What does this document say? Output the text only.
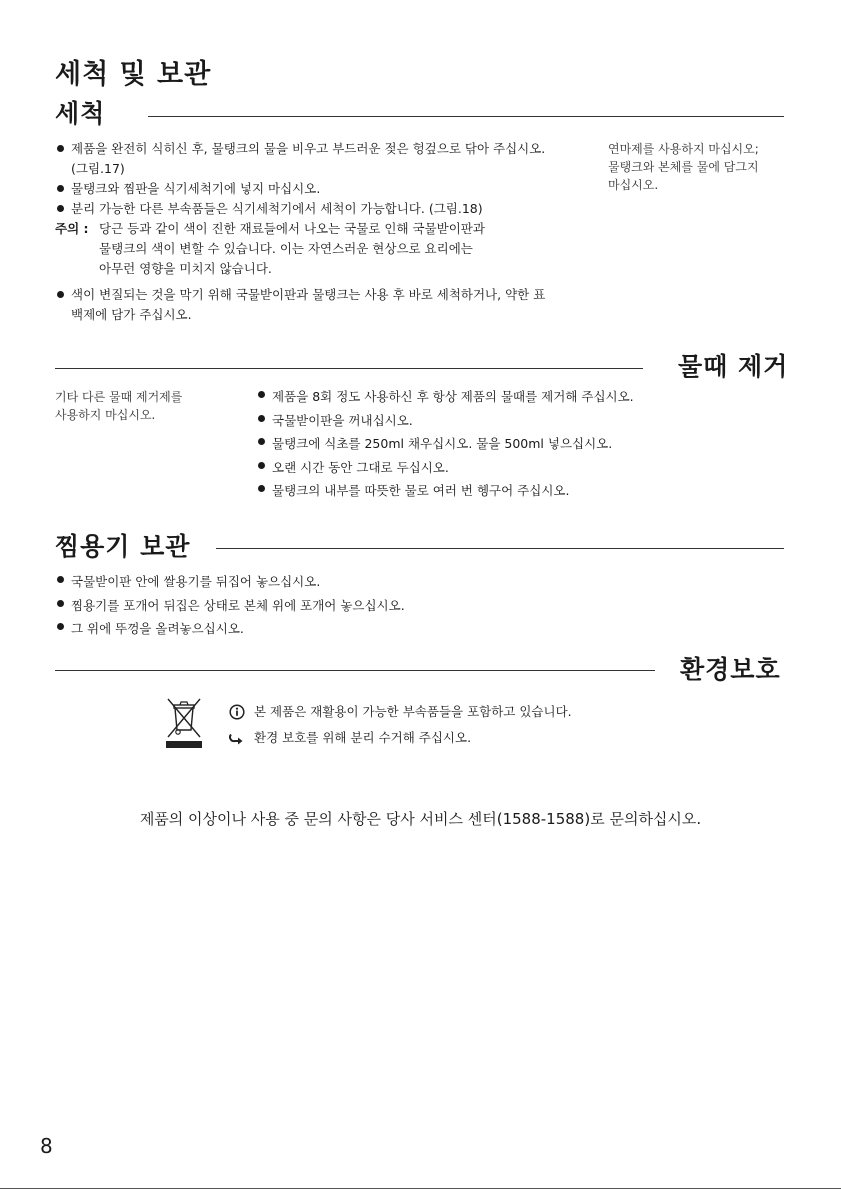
세척 및 보관
세척
제품을 완전히 식히신 후, 물탱크의 물을 비우고 부드러운 젖은 헝겊으로 닦아 주십시오. (그림.17)
물탱크와 찜판을 식기세척기에 넣지 마십시오.
분리 가능한 다른 부속품들은 식기세척기에서 세척이 가능합니다. (그림.18)
주의 : 당근 등과 같이 색이 진한 재료들에서 나오는 국물로 인해 국물받이판과
물탱크의 색이 변할 수 있습니다. 이는 자연스러운 현상으로 요리에는
아무런 영향을 미치지 않습니다.
색이 변질되는 것을 막기 위해 국물받이판과 물탱크는 사용 후 바로 세척하거나, 약한 표백제에 담가 주십시오.
연마제를 사용하지 마십시오;
물탱크와 본체를 물에 담그지
마십시오.
물때 제거
기타 다른 물때 제거제를
사용하지 마십시오.
제품을 8회 정도 사용하신 후 항상 제품의 물때를 제거해 주십시오.
국물받이판을 꺼내십시오.
물탱크에 식초를 250ml 채우십시오. 물을 500ml 넣으십시오.
오랜 시간 동안 그대로 두십시오.
물탱크의 내부를 따뜻한 물로 여러 번 헹구어 주십시오.
찜용기 보관
국물받이판 안에 쌀용기를 뒤집어 놓으십시오.
찜용기를 포개어 뒤집은 상태로 본체 위에 포개어 놓으십시오.
그 위에 뚜껑을 올려놓으십시오.
환경보호
본 제품은 재활용이 가능한 부속품들을 포함하고 있습니다.
환경 보호를 위해 분리 수거해 주십시오.
제품의 이상이나 사용 중 문의 사항은 당사 서비스 센터(1588-1588)로 문의하십시오.
8
